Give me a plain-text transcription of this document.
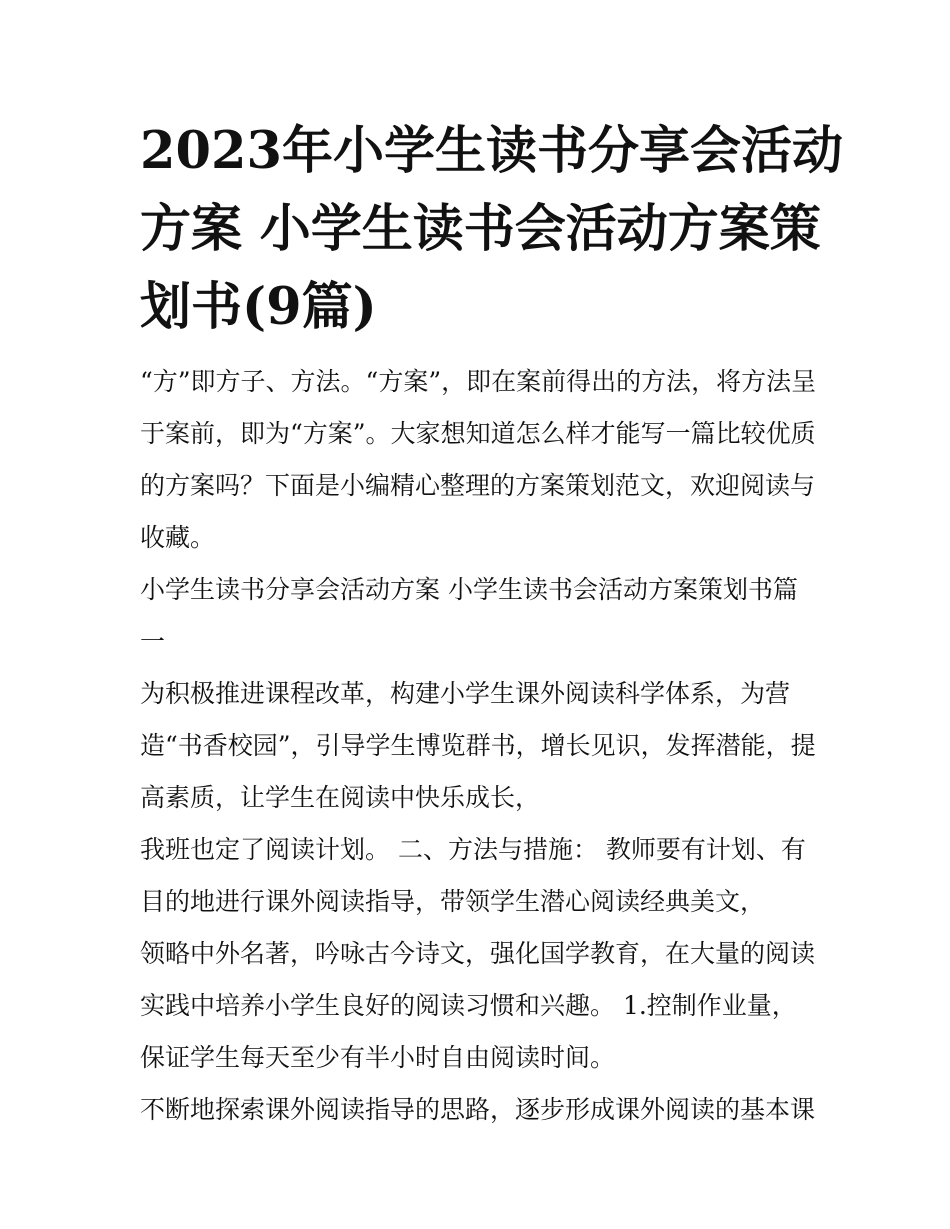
2023年小学生读书分享会活动
方案 小学生读书会活动方案策
划书(9篇)
“方”即方子、方法。“方案”，即在案前得出的方法，将方法呈
于案前，即为“方案”。大家想知道怎么样才能写一篇比较优质
的方案吗？下面是小编精心整理的方案策划范文，欢迎阅读与
收藏。
小学生读书分享会活动方案 小学生读书会活动方案策划书篇
一
为积极推进课程改革，构建小学生课外阅读科学体系，为营
造“书香校园”，引导学生博览群书，增长见识，发挥潜能，提
高素质，让学生在阅读中快乐成长，
我班也定了阅读计划。 二、方法与措施： 教师要有计划、有
目的地进行课外阅读指导，带领学生潜心阅读经典美文，
领略中外名著，吟咏古今诗文，强化国学教育，在大量的阅读
实践中培养小学生良好的阅读习惯和兴趣。 1.控制作业量，
保证学生每天至少有半小时自由阅读时间。
不断地探索课外阅读指导的思路，逐步形成课外阅读的基本课
